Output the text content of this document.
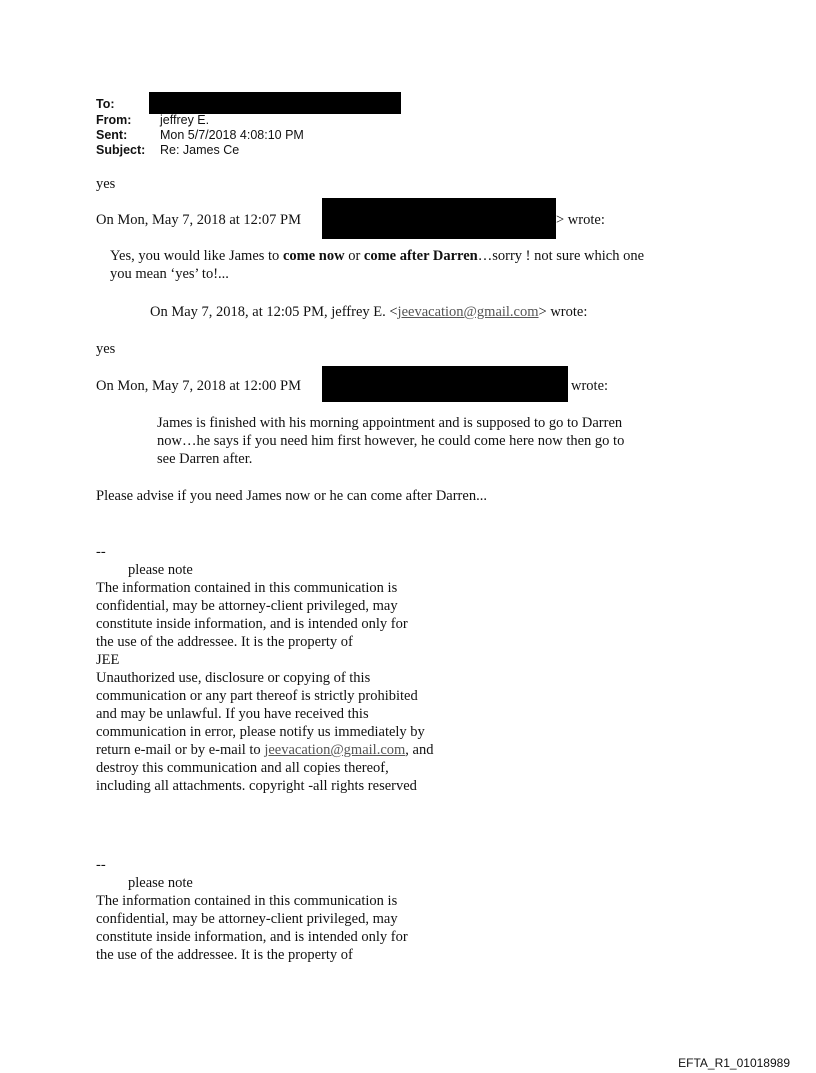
To:
From: jeffrey E.
Sent:	Mon 5/7/2018 4:08:10 PM
Subject: Re: James Ce
yes
On Mon, May 7, 2018 at 12:07 PM	> wrote:
Yes, you would like James to come now or come after Darren…sorry ! not sure which one
you mean ‘yes’ to!...
On May 7, 2018, at 12:05 PM, jeffrey E. <jeevacation@gmail.com> wrote:
yes
On Mon, May 7, 2018 at 12:00 PM	wrote:
James is finished with his morning appointment and is supposed to go to Darren
now…he says if you need him first however, he could come here now then go to
see Darren after.
Please advise if you need James now or he can come after Darren...
--
please note
The information contained in this communication is
confidential, may be attorney-client privileged, may
constitute inside information, and is intended only for
the use of the addressee. It is the property of
JEE
Unauthorized use, disclosure or copying of this
communication or any part thereof is strictly prohibited
and may be unlawful. If you have received this
communication in error, please notify us immediately by
return e-mail or by e-mail to jeevacation@gmail.com, and
destroy this communication and all copies thereof,
including all attachments. copyright -all rights reserved
--
please note
The information contained in this communication is
confidential, may be attorney-client privileged, may
constitute inside information, and is intended only for
the use of the addressee. It is the property of
EFTA_R1_01018989
